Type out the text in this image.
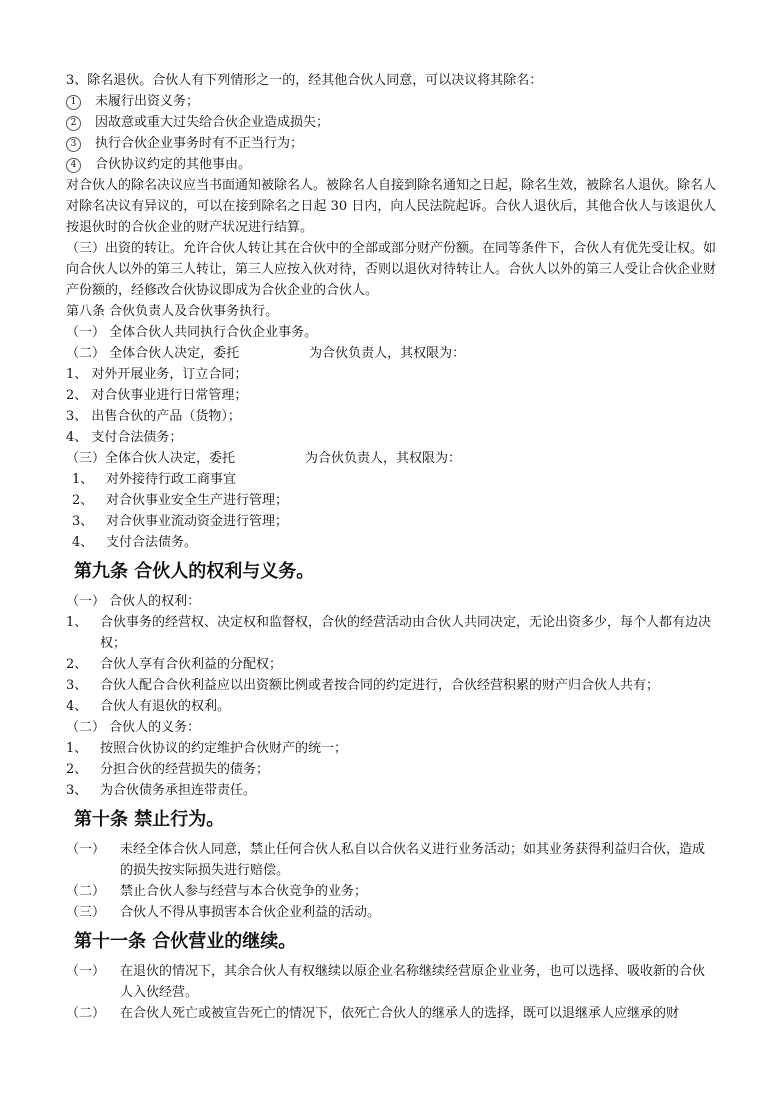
3、除名退伙。合伙人有下列情形之一的，经其他合伙人同意，可以决议将其除名：
1 未履行出资义务；
2 因故意或重大过失给合伙企业造成损失；
3 执行合伙企业事务时有不正当行为；
4 合伙协议约定的其他事由。
对合伙人的除名决议应当书面通知被除名人。被除名人自接到除名通知之日起，除名生效，被除名人退伙。除名人对除名决议有异议的，可以在接到除名之日起 30 日内，向人民法院起诉。合伙人退伙后，其他合伙人与该退伙人按退伙时的合伙企业的财产状况进行结算。
（三）出资的转让。允许合伙人转让其在合伙中的全部或部分财产份额。在同等条件下，合伙人有优先受让权。如向合伙人以外的第三人转让，第三人应按入伙对待，否则以退伙对待转让人。合伙人以外的第三人受让合伙企业财产份额的，经修改合伙协议即成为合伙企业的合伙人。
第八条 合伙负责人及合伙事务执行。
（一） 全体合伙人共同执行合伙企业事务。
（二） 全体合伙人决定，委托	为合伙负责人，其权限为：
1、 对外开展业务，订立合同；
2、 对合伙事业进行日常管理；
3、 出售合伙的产品（货物）；
4、 支付合法债务；
（三）全体合伙人决定，委托	为合伙负责人，其权限为：
1、 对外接待行政工商事宜
2、 对合伙事业安全生产进行管理；
3、 对合伙事业流动资金进行管理；
4、 支付合法债务。
第九条 合伙人的权利与义务。
（一） 合伙人的权利：
1、 合伙事务的经营权、决定权和监督权，合伙的经营活动由合伙人共同决定，无论出资多少，每个人都有边决权；
2、 合伙人享有合伙利益的分配权；
3、 合伙人配合合伙利益应以出资额比例或者按合同的约定进行，合伙经营积累的财产归合伙人共有；
4、 合伙人有退伙的权利。
（二） 合伙人的义务：
1、 按照合伙协议的约定维护合伙财产的统一；
2、 分担合伙的经营损失的债务；
3、 为合伙债务承担连带责任。
第十条 禁止行为。
（一）	未经全体合伙人同意，禁止任何合伙人私自以合伙名义进行业务活动；如其业务获得利益归合伙，造成的损失按实际损失进行赔偿。
（二）	禁止合伙人参与经营与本合伙竞争的业务；
（三）	合伙人不得从事损害本合伙企业利益的活动。
第十一条 合伙营业的继续。
（一）	在退伙的情况下，其余合伙人有权继续以原企业名称继续经营原企业业务，也可以选择、吸收新的合伙人入伙经营。
（二）	在合伙人死亡或被宣告死亡的情况下，依死亡合伙人的继承人的选择，既可以退继承人应继承的财
